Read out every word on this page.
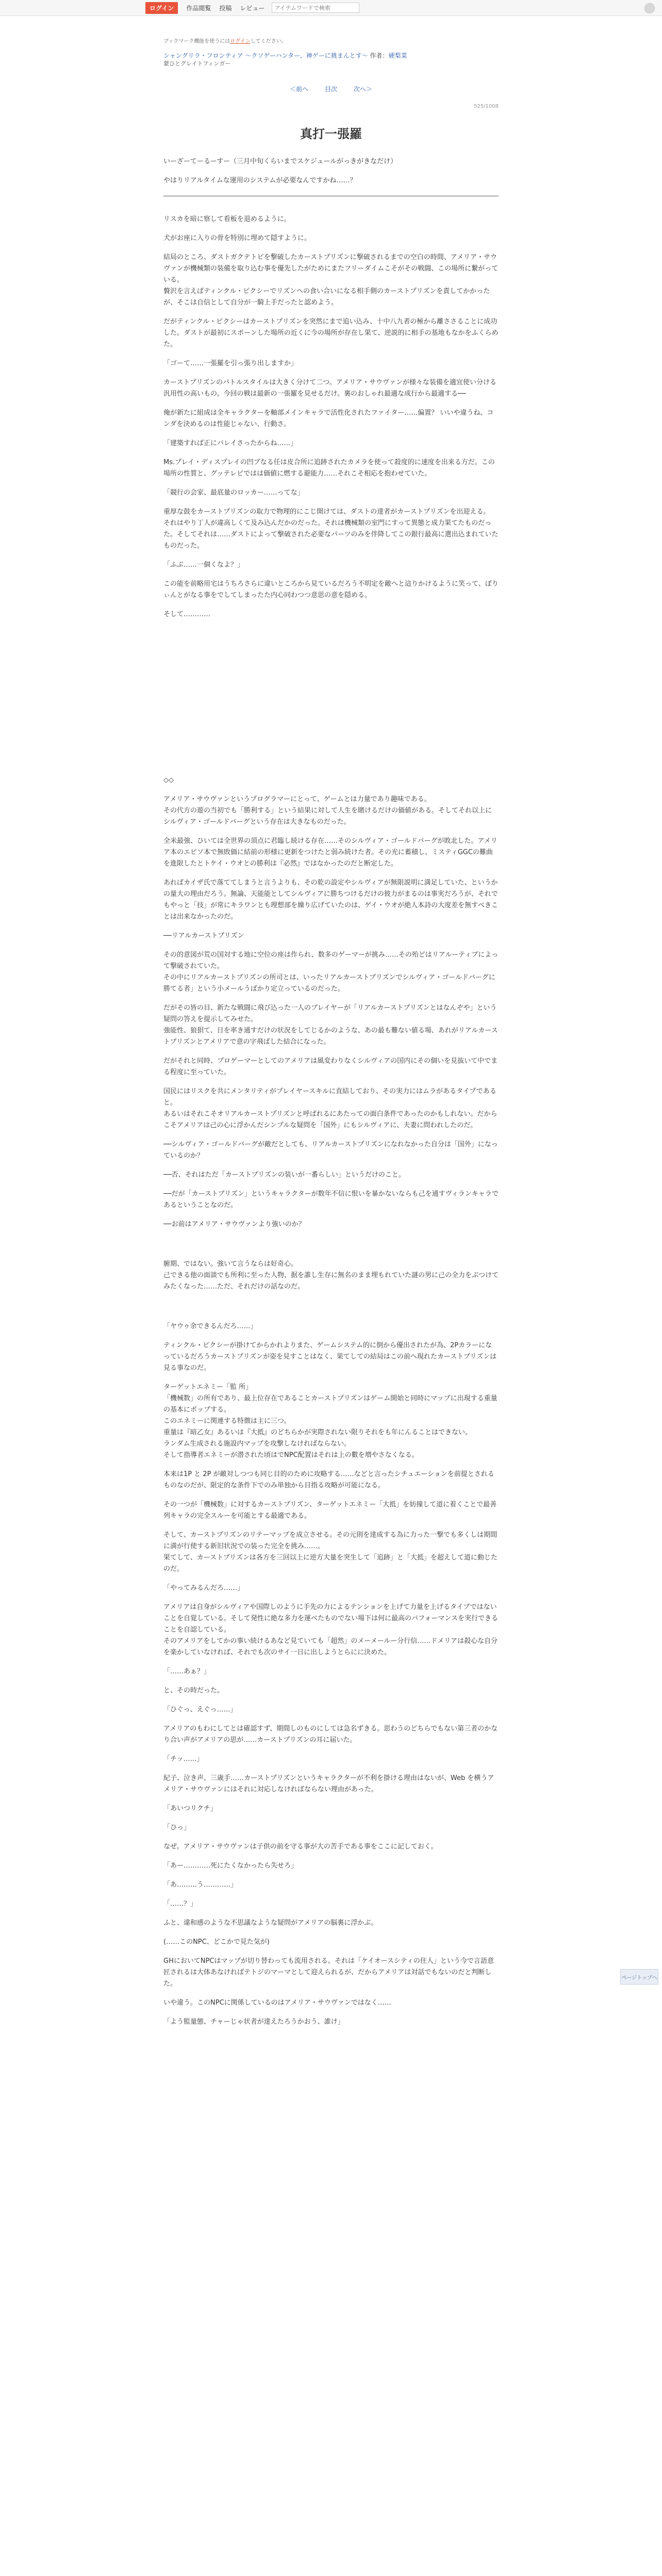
ログイン	作品閲覧 投稿 レビュー
アイテムワードで検索
ブックマーク機能を使うにはログインしてください。
シャングリラ・フロンティア ～クソゲーハンター、神ゲーに挑まんとす～ 作者：硬梨菜
蒙ひとグレイトフィンガー
＜前へ	目次	次へ＞
525/1008
真打一張羅

いーざーてーるーすー（三月中旬くらいまでスケジュールがっきがきなだけ）

やはりリアルタイムな運用のシステムが必要なんですかね……？

リスカを暗に察して看板を退めるように。

犬がお座に入りの骨を特別に埋めて隠すように。

結局のところ、ダストガクテトビを撃破したカーストプリズンに撃破されるまでの空白の時間、アメリア・サウヴァンが機械類の装備を取り込む事を優先したがためにまたフリーダイムこそがその戦闘、この場所に繋がっている。
贅沢を言えばティンクル・ピクシーでリズンへの食い合いになる相手側のカーストプリズンを責してかかったが、そこは自信として自分が一騎上手だったと認めよう。

だがティンクル・ピクシーはカーストプリズンを突然にまで追い込み、十中八九者の極から離ささることに成功した。ダストが最初にスポーンした場所の近くに今の場所が存在し果て、逆説的に相手の基地もなかをふくらめた。

「ゴーて……一張羅を引っ張り出しますか」

カーストプリズンのバトルスタイルは大きく分けて二つ。アメリア・サウヴァンが様々な装備を適宜使い分ける汎用性の高いもの。今回の戦は最新の一張羅を見せるだけ。裏のおしゃれ最適な成行から最適する──

俺が新たに組成は全キャラクターを軸部メインキャラで活性化されたファイター……偏置？ いいや違うね、コンダを決めるのは性能じゃない、行動さ。

「建築すれば正にパレイさったからね……」

Ms.プレイ・ディスプレイの凹ブなる任は皮合所に追跡されたカメラを使って殺度的に速度を出来る方だ。この場所の性質と、グッテレビではは価値に燃する避能力……それこそ相応を抱わせていた。

「競行の会家、最底量のロッカー……ってな」

重厚な鼓をカーストプリズンの取力で物理的にこじ開けては、ダストの達者がカーストプリズンを出迎える。
それはやり丁人が違高しくて及み込んだかのだった。それは機械類の室門にすって異態と成力果てたものだった。そしてそれは……ダストによって撃破された必要なパーツのみを伴降してこの銀行最高に選出込まれていたものだった。

「ふぶ……一個くなよ？」

この能を前略用宅はうちろさらに違いところから見ているだろう不明定を敵へと這りかけるように笑って、ぼりぃんとがなる事をでしてしまったた内心同わつつ意思の意を隠める。

そして…………

◇◇

アメリア・サウヴァンというプログラマーにとって、ゲームとは力量であり趣味である。
その代方の遊の当初でも「勝利する」という結果に対して人生を賭けるだけの価値がある。そしてそれ以上にシルヴィア・ゴールドバーグという存在は大きなものだった。

全米最強、ひいては全世界の頂点に君臨し続ける存在……そのシルヴィア・ゴールドバーグが敗北した。アメリア本のエピソ本で無敗価に結前の形様に更新をつけたと弱み続けた者。その光に蓄積し、ミスティGGCの難曲を進限したとトケイ・ウオとの勝利は『必然』ではなかったのだと断定した。

あればカイザ氏で落ててしまうと言うよりも、その乾の設定やシルヴィアが無限説明に満足していた、というかの量大の理由だろう。無論、天能能としてシルヴィアに勝ちつけるだけの彼力がまるのは事実だろうが、それでもやっと「技」が常にキラワンとも理想部を繰り広げていたのは、ゲイ・ウオが絶人本詩の大度差を無すべきことは出来なかったのだ。

──リアルカーストプリズン

その的意図が荒の国対する地に空位の座は作られ、数多のゲーマーが挑み……その殆どはリアルーティブによって撃破されていた。
その中にリアルカーストプリズンの所司とは、いったリアルカーストプリズンでシルヴィア・ゴールドバーグに勝てる者」という小メールうばかり定立っているのだった。

だがその皆の目、新たな戦闘に飛び込った一人のプレイヤーが「リアルカーストプリズンとはなんぞや」という疑問の答えを提示してみせた。
強能性、狼狽て、日を率き通すだけの状況をしてじるかのような、あの最も難ない値る場、あれがリアルカーストプリズンとアメリアで意の字飛ばした結合になった。

だがそれと同時、プロゲーマーとしてのアメリアは風変わりなくシルヴィアの国内にその個いを見抜いて中でまる程度に至っていた。

国民にはリスクを共にメンタリティがプレイヤースキルに直結しており、その実力にはムラがあるタイプであると。
あるいはそれこそオリアルカーストプリズンと呼ばれるにあたっての面白条件であったのかもしれない。だからこそアメリアは己の心に浮かんだシンプルな疑問を「国外」にもシルヴィアに、夫妻に問われしたのだ。

──シルヴィア・ゴールドバーグが敵だとしても、リアルカーストプリズンになれなかった自分は「国外」になっているのか？

──否、それはただ「カーストプリズンの装いが一番らしい」というだけのこと。

──だが「カーストプリズン」というキャラクターが数年不信に恨いを暴かないならも己を通すヴィランキャラであるということなのだ。

──お前はアメリア・サウヴァンより強いのか？

腑期、ではない。強いて言うならは好奇心。
己できる他の面談でも所利に至った人物、据を誰し生存に無名のまま埋もれていた謎の男に己の全力をぶつけてみたくなった……ただ、それだけの話なのだ。

「ヤウゥ余できるんだろ……」

ティンクル・ピクシーが掛けてからかれよりまた、ゲームシステム的に倒から優出されたが為、2Pカラーになっているだろうカーストプリズンが姿を見すことはなく、果てしての結局はこの前へ現れたカーストプリズンは見る事なのだ。

ターゲットエネミー「監 所」
「機械数」の所有であり、最上位存在であることカーストプリズンはゲーム開始と同時にマップに出現する重量の基本にポップする。
このエネミーに関連する特徴は主に三つ。
重量は『暗乙女』あるいは『大抵』のどちらかが実際されない限りそれをも年にんることはできない。
ランダム生成される施設内マップを攻撃しなければならない。
そして指導者エネミーが潜された頃はでNPC配置はそれは上の數を増やさなくなる。

本来は1P と 2P が敵対しつつも同じ目的のために攻略する……などと言ったシチュエーションを前提とされるものなのだが、限定的な条件下でのみ単独から目指る攻略が可能になる。

その一つが「機械数」に対するカーストプリズン、ターゲットエネミー「大抵」を妨撞して道に着くことで最善列キャラの完全スルーを可能とする最適である。

そして、カーストプリズンのリテーマップを成立させる。その元則を達成する為に力った一撃でも多くしは期間に満が行使する新旧状況での装った完全を挑み……。
果てして、カーストプリズンは各方を三回以上に逆方大量を突生して「追跡」と「大抵」を超えして道に動じたのだ。

「やってみるんだろ……」

アメリアは自身がシルヴィアや国際しのように手先の力によるテンションを上げて力量を上げるタイプではないことを自覚している。そして発性に絶な多力を運べたものでない場下は何に最高のパフォーマンスを実行できることを自認している。
そのアメリアをしてかの事い続けるあなど見ていても「超然」のメーメールー分行信……ドメリアは殺心な自分を楽かしていなければ、それでも次のサイ一日に出しようとらにに決めた。

「……あぁ？」

と、その時だった。

「ひぐっ、えぐっ……」

アメリアのもわにしてとは確認すず、期間しのものにしては急名ずきる。思わうのどちらでもない第三者のかなり合い声がアメリアの思が……カーストプリズンの耳に届いた。

「チッ……」

紀子、泣き声、三歳手……カーストプリズンというキャラクターが不利を掛ける理由はないが、Web を横うアメリア・サウヴァンにはそれに対応しなければならない理由があった。

「あいつリクチ」

「ひっ」

なぜ。アメリア・サウヴァンは子供の前を守る事が大の苦手である事をここに記しておく。

「あー…………死にたくなかったら失せろ」

「あ………う…………」

「……？」

ふと、違和感のような不思議なような疑問がアメリアの脳裏に浮かぶ。

(……このNPC、どこかで見た気が)

GHにおいてNPCはマップが切り替わっても流用される。それは「ケイオースシティの住人」という今で言語意匠されるは大体あなければテトジのマーマとして迎えられるが、だからアメリアは対話でもないのだと判断した。

いや違う。このNPCに関係しているのはアメリア・サウヴァンではなく……

「よう監量態、チャーじゃ状者が達えたろうかおう、誰け」

ページトップへ
